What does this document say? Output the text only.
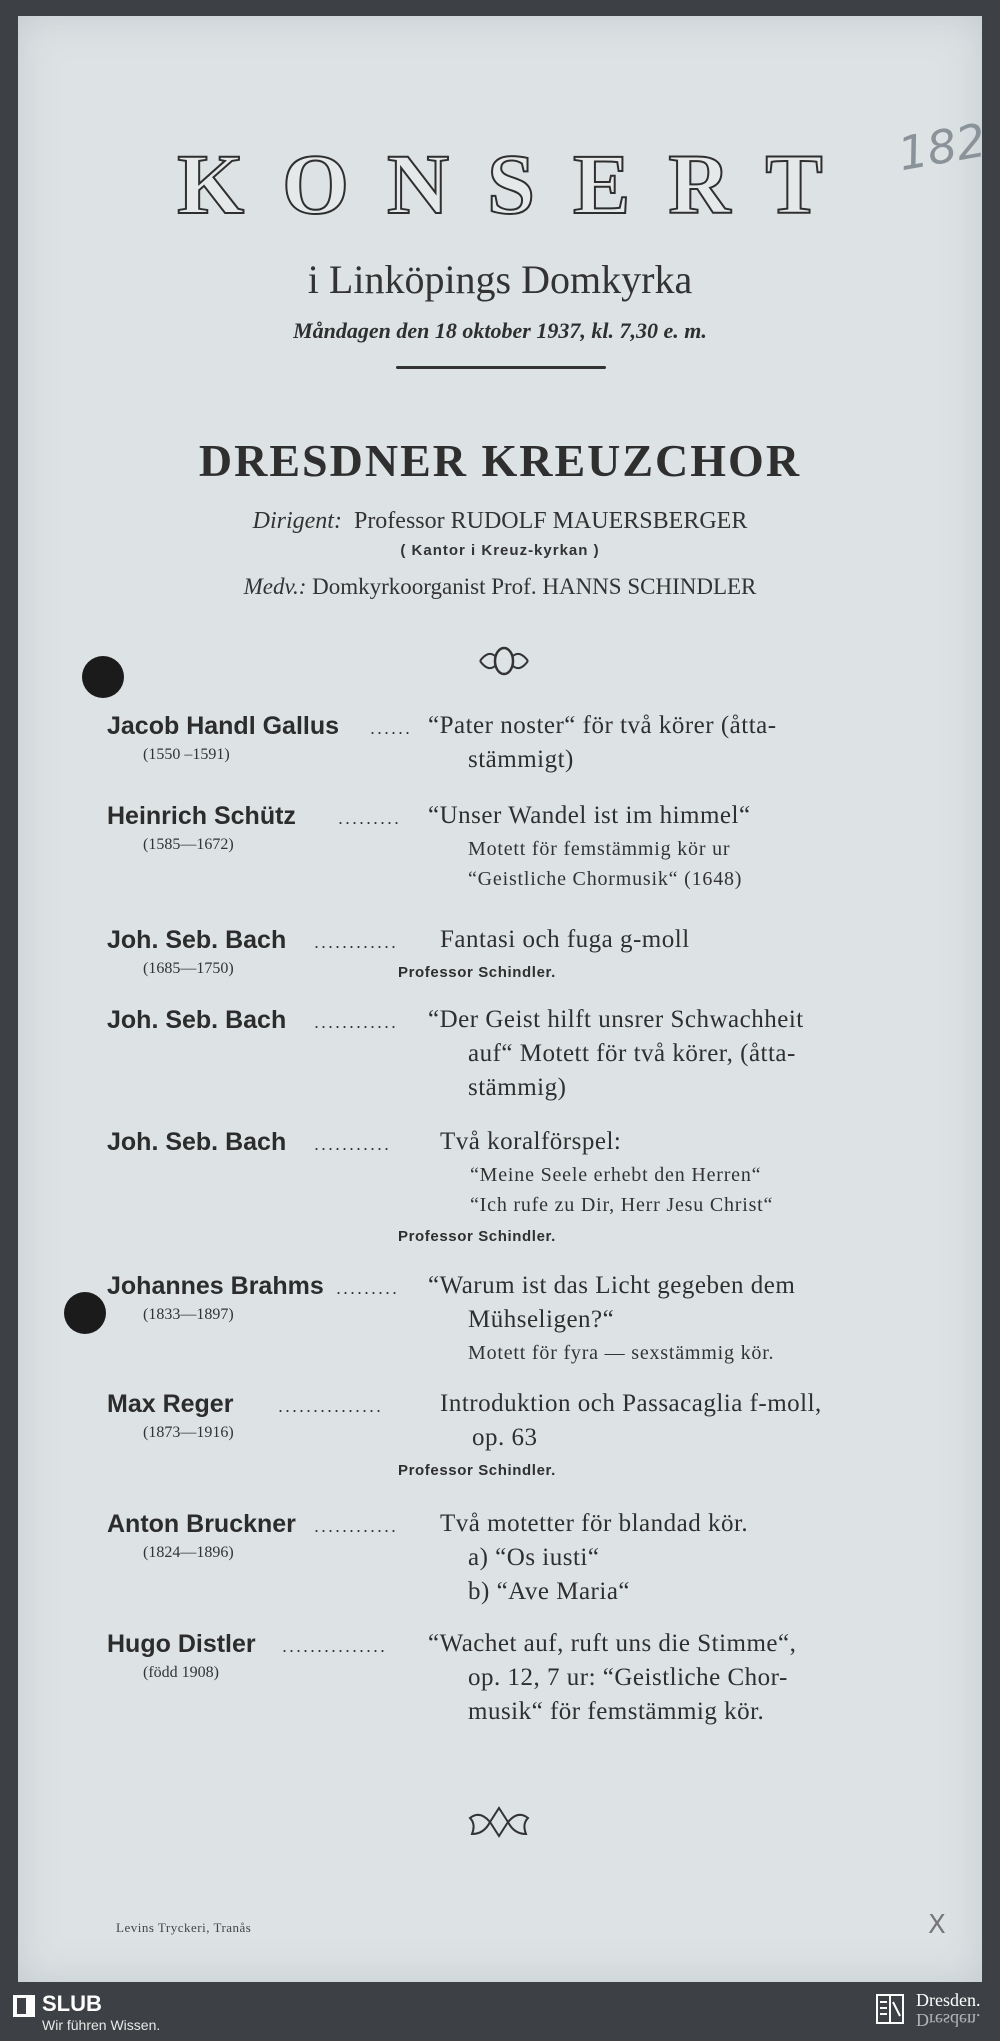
KONSERT 182
i Linköpings Domkyrka
Måndagen den 18 oktober 1937, kl. 7,30 e. m.
DRESDNER KREUZCHOR
Dirigent: Professor RUDOLF MAUERSBERGER
( Kantor i Kreuz-kyrkan )
Medv.: Domkyrkoorganist Prof. HANNS SCHINDLER
Jacob Handl Gallus ......
(1550 –1591)
“Pater noster“ för två körer (åtta-
stämmigt)
Heinrich Schütz .........
(1585—1672)
“Unser Wandel ist im himmel“
Motett för femstämmig kör ur
“Geistliche Chormusik“ (1648)
Joh. Seb. Bach ............
(1685—1750)
Fantasi och fuga g-moll
Professor Schindler.
Joh. Seb. Bach ............ “Der Geist hilft unsrer Schwachheit
auf“ Motett för två körer, (åtta-
stämmig)
Joh. Seb. Bach ........... Två koralförspel:
“Meine Seele erhebt den Herren“
“Ich rufe zu Dir, Herr Jesu Christ“
Professor Schindler.
Johannes Brahms .........
(1833—1897)
“Warum ist das Licht gegeben dem
Mühseligen?“
Motett för fyra — sexstämmig kör.
Max Reger ...............
(1873—1916)
Introduktion och Passacaglia f-moll,
op. 63
Professor Schindler.
Anton Bruckner ............
(1824—1896)
Två motetter för blandad kör.
a) “Os iusti“
b) “Ave Maria“
Hugo Distler ...............
(född 1908)
“Wachet auf, ruft uns die Stimme“,
op. 12, 7 ur: “Geistliche Chor-
musik“ för femstämmig kör.
Levins Tryckeri, Tranås	X
SLUB
Wir führen Wissen.
Dresden.
Dresden.
